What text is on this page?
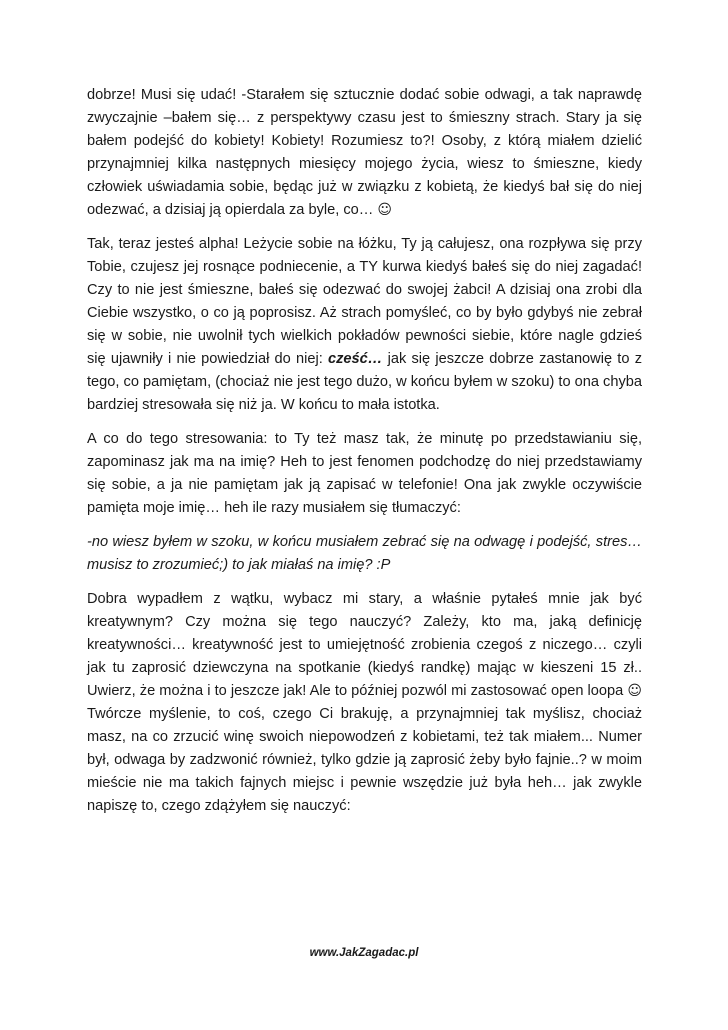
dobrze! Musi się udać! -Starałem się sztucznie dodać sobie odwagi, a tak naprawdę zwyczajnie –bałem się… z perspektywy czasu jest to śmieszny strach. Stary ja się bałem podejść do kobiety! Kobiety! Rozumiesz to?! Osoby, z którą miałem dzielić przynajmniej kilka następnych miesięcy mojego życia, wiesz to śmieszne, kiedy człowiek uświadamia sobie, będąc już w związku z kobietą, że kiedyś bał się do niej odezwać, a dzisiaj ją opierdala za byle, co… ☺

Tak, teraz jesteś alpha! Leżycie sobie na łóżku, Ty ją całujesz, ona rozpływa się przy Tobie, czujesz jej rosnące podniecenie, a TY kurwa kiedyś bałeś się do niej zagadać! Czy to nie jest śmieszne, bałeś się odezwać do swojej żabci! A dzisiaj ona zrobi dla Ciebie wszystko, o co ją poprosisz. Aż strach pomyśleć, co by było gdybyś nie zebrał się w sobie, nie uwolnił tych wielkich pokładów pewności siebie, które nagle gdzieś się ujawniły i nie powiedział do niej: cześć… jak się jeszcze dobrze zastanowię to z tego, co pamiętam, (chociaż nie jest tego dużo, w końcu byłem w szoku) to ona chyba bardziej stresowała się niż ja. W końcu to mała istotka.

A co do tego stresowania: to Ty też masz tak, że minutę po przedstawianiu się, zapominasz jak ma na imię? Heh to jest fenomen podchodzę do niej przedstawiamy się sobie, a ja nie pamiętam jak ją zapisać w telefonie! Ona jak zwykle oczywiście pamięta moje imię… heh ile razy musiałem się tłumaczyć:

-no wiesz byłem w szoku, w końcu musiałem zebrać się na odwagę i podejść, stres… musisz to zrozumieć;) to jak miałaś na imię? :P

Dobra wypadłem z wątku, wybacz mi stary, a właśnie pytałeś mnie jak być kreatywnym? Czy można się tego nauczyć? Zależy, kto ma, jaką definicję kreatywności… kreatywność jest to umiejętność zrobienia czegoś z niczego… czyli jak tu zaprosić dziewczyna na spotkanie (kiedyś randkę) mając w kieszeni 15 zł.. Uwierz, że można i to jeszcze jak! Ale to później pozwól mi zastosować open loopa ☺ Twórcze myślenie, to coś, czego Ci brakuję, a przynajmniej tak myślisz, chociaż masz, na co zrzucić winę swoich niepowodzeń z kobietami, też tak miałem... Numer był, odwaga by zadzwonić również, tylko gdzie ją zaprosić żeby było fajnie..? w moim mieście nie ma takich fajnych miejsc i pewnie wszędzie już była heh… jak zwykle napiszę to, czego zdążyłem się nauczyć:

www.JakZagadac.pl
